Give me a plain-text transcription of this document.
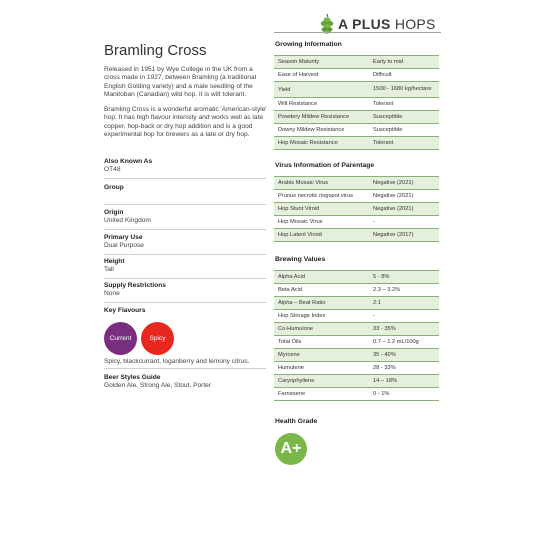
A PLUS HOPS
Bramling Cross

Released in 1951 by Wye College in the UK from a cross made in 1927, between Bramling (a traditional English Golding variety) and a male seedling of the Manitoban (Canadian) wild hop. It is wilt tolerant.

Bramling Cross is a wonderful aromatic 'American-style' hop. It has high flavour intensity and works well as late copper, hop-back or dry hop addition and is a good experimental hop for brewers as a late or dry hop.

Also Known As
OT48
Group
Origin
United Kingdom
Primary Use
Dual Purpose
Height
Tall
Supply Restrictions
None
Key Flavours
Current	Spicy
Spicy, blackcurrant, loganberry and lemony citrus.
Beer Styles Guide
Golden Ale, Strong Ale, Stout, Porter
Growing Information
Season Maturity	Early to mid
Ease of Harvest	Difficult
Yield	1500 - 1680 kg/hectare
Wilt Resistance	Tolerant
Powdery Mildew Resistance	Susceptible
Downy Mildew Resistance	Susceptible
Hop Mosaic Resistance	Tolerant
Virus Information of Parentage
Arabis Mosaic Virus	Negative (2021)
Prunus necrotic ringspot virus	Negative (2021)
Hop Stunt Viroid	Negative (2021)
Hop Mosaic Virus	-
Hop Latent Viroid	Negative (2017)
Brewing Values
Alpha Acid	5 - 8%
Beta Acid	2.3 – 3.2%
Alpha – Beat Ratio	2:1
Hop Storage Index	-
Co-Humulone	33 - 35%
Total Oils	0.7 – 1.2 mL/100g
Myrcene	35 - 40%
Humulene	28 - 33%
Caryophyllene	14 – 18%
Farnesene	0 - 1%
Health Grade
A+
